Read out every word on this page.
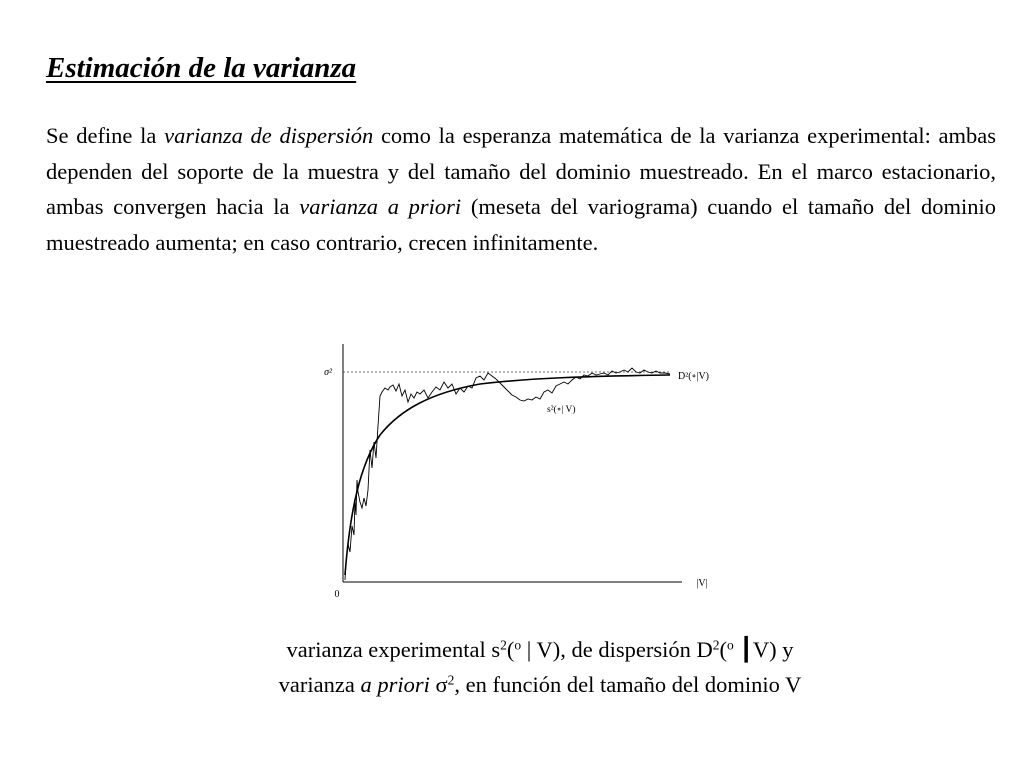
Estimación de la varianza

Se define la varianza de dispersión como la esperanza matemática de la varianza experimental: ambas dependen del soporte de la muestra y del tamaño del dominio muestreado. En el marco estacionario, ambas convergen hacia la varianza a priori (meseta del variograma) cuando el tamaño del dominio muestreado aumenta; en caso contrario, crecen infinitamente.

σ²
0
|V|
D²(∘|V)
s²(∘| V)

varianza experimental $s^2(^o$ | V), de dispersión $D^2(^o$ ┃V) y

varianza a priori $\sigma^2$, en función del tamaño del dominio V
